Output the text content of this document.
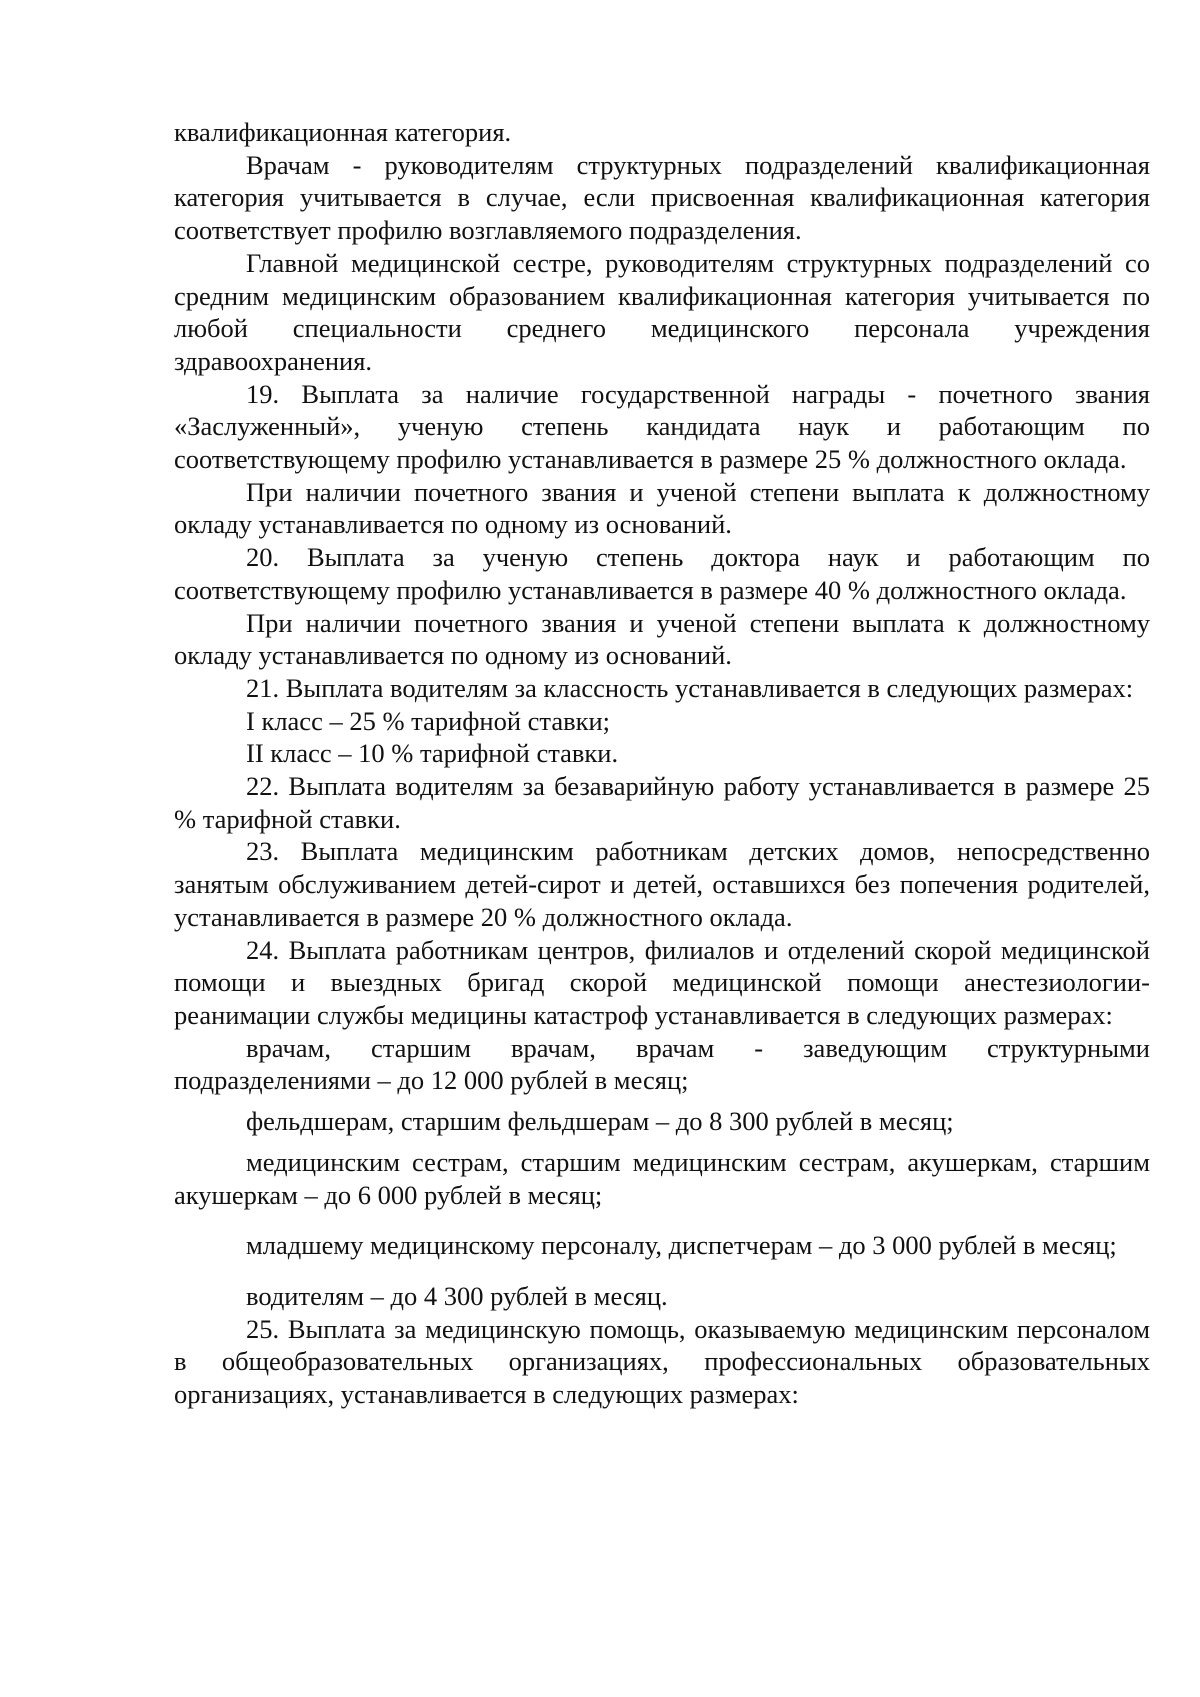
квалификационная категория.

Врачам - руководителям структурных подразделений квалификационная категория учитывается в случае, если присвоенная квалификационная категория соответствует профилю возглавляемого подразделения.

Главной медицинской сестре, руководителям структурных подразделений со средним медицинским образованием квалификационная категория учитывается по любой специальности среднего медицинского персонала учреждения здравоохранения.

19. Выплата за наличие государственной награды - почетного звания «Заслуженный», ученую степень кандидата наук и работающим по соответствующему профилю устанавливается в размере 25 % должностного оклада.

При наличии почетного звания и ученой степени выплата к должностному окладу устанавливается по одному из оснований.

20. Выплата за ученую степень доктора наук и работающим по соответствующему профилю устанавливается в размере 40 % должностного оклада.

При наличии почетного звания и ученой степени выплата к должностному окладу устанавливается по одному из оснований.

21. Выплата водителям за классность устанавливается в следующих размерах:

I класс – 25 % тарифной ставки;

II класс – 10 % тарифной ставки.

22. Выплата водителям за безаварийную работу устанавливается в размере 25 % тарифной ставки.

23. Выплата медицинским работникам детских домов, непосредственно занятым обслуживанием детей-сирот и детей, оставшихся без попечения родителей, устанавливается в размере 20 % должностного оклада.

24. Выплата работникам центров, филиалов и отделений скорой медицинской помощи и выездных бригад скорой медицинской помощи анестезиологии-реанимации службы медицины катастроф устанавливается в следующих размерах:

врачам, старшим врачам, врачам - заведующим структурными подразделениями – до 12 000 рублей в месяц;

фельдшерам, старшим фельдшерам – до 8 300 рублей в месяц;

медицинским сестрам, старшим медицинским сестрам, акушеркам, старшим акушеркам – до 6 000 рублей в месяц;

младшему медицинскому персоналу, диспетчерам – до 3 000 рублей в месяц;

водителям – до 4 300 рублей в месяц.

25. Выплата за медицинскую помощь, оказываемую медицинским персоналом в общеобразовательных организациях, профессиональных образовательных организациях, устанавливается в следующих размерах:
